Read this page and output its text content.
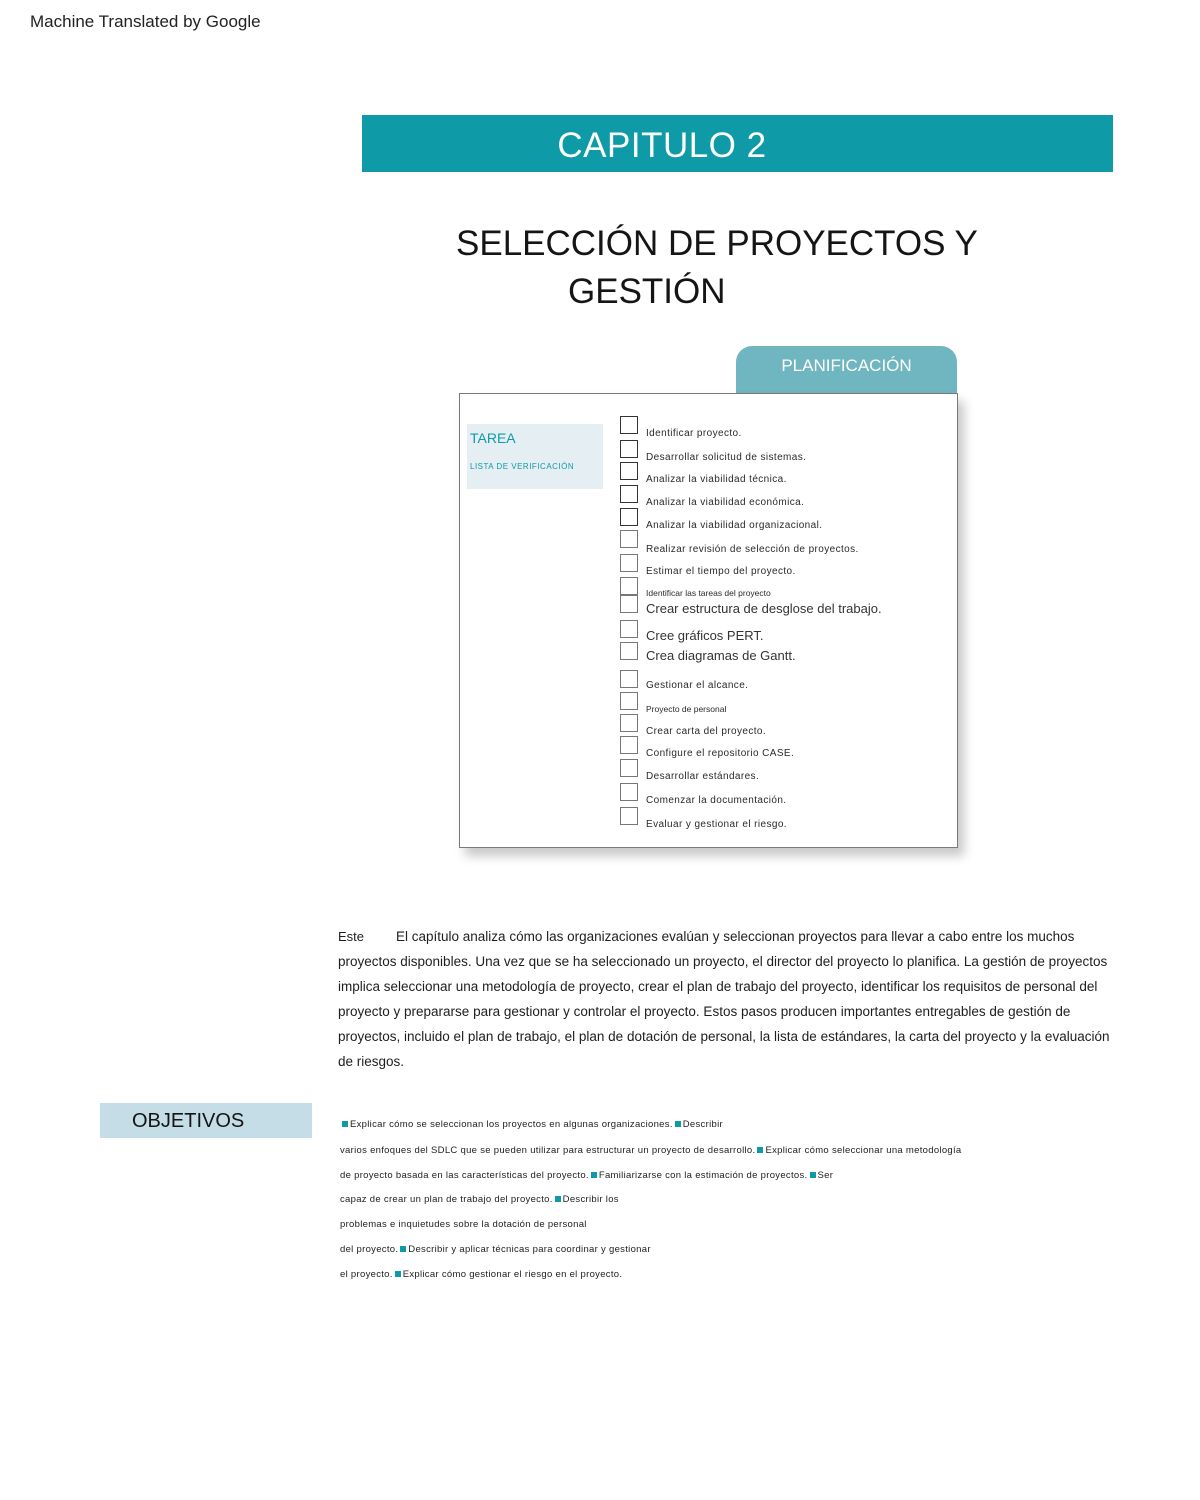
Machine Translated by Google
CAPITULO 2
SELECCIÓN DE PROYECTOS Y
GESTIÓN
PLANIFICACIÓN
TAREA
LISTA DE VERIFICACIÓN
Identificar proyecto.
Desarrollar solicitud de sistemas.
Analizar la viabilidad técnica.
Analizar la viabilidad económica.
Analizar la viabilidad organizacional.
Realizar revisión de selección de proyectos.
Estimar el tiempo del proyecto.
Identificar las tareas del proyecto
Crear estructura de desglose del trabajo.
Cree gráficos PERT.
Crea diagramas de Gantt.
Gestionar el alcance.
Proyecto de personal
Crear carta del proyecto.
Configure el repositorio CASE.
Desarrollar estándares.
Comenzar la documentación.
Evaluar y gestionar el riesgo.
Este	El capítulo analiza cómo las organizaciones evalúan y seleccionan proyectos para llevar a cabo entre los muchos proyectos disponibles. Una vez que se ha seleccionado un proyecto, el director del proyecto lo planifica. La gestión de proyectos implica seleccionar una metodología de proyecto, crear el plan de trabajo del proyecto, identificar los requisitos de personal del proyecto y prepararse para gestionar y controlar el proyecto. Estos pasos producen importantes entregables de gestión de proyectos, incluido el plan de trabajo, el plan de dotación de personal, la lista de estándares, la carta del proyecto y la evaluación de riesgos.

OBJETIVOS	Explicar cómo se seleccionan los proyectos en algunas organizaciones. Describir
varios enfoques del SDLC que se pueden utilizar para estructurar un proyecto de desarrollo. Explicar cómo seleccionar una metodología
de proyecto basada en las características del proyecto. Familiarizarse con la estimación de proyectos. Ser
capaz de crear un plan de trabajo del proyecto. Describir los
problemas e inquietudes sobre la dotación de personal
del proyecto. Describir y aplicar técnicas para coordinar y gestionar
el proyecto. Explicar cómo gestionar el riesgo en el proyecto.
